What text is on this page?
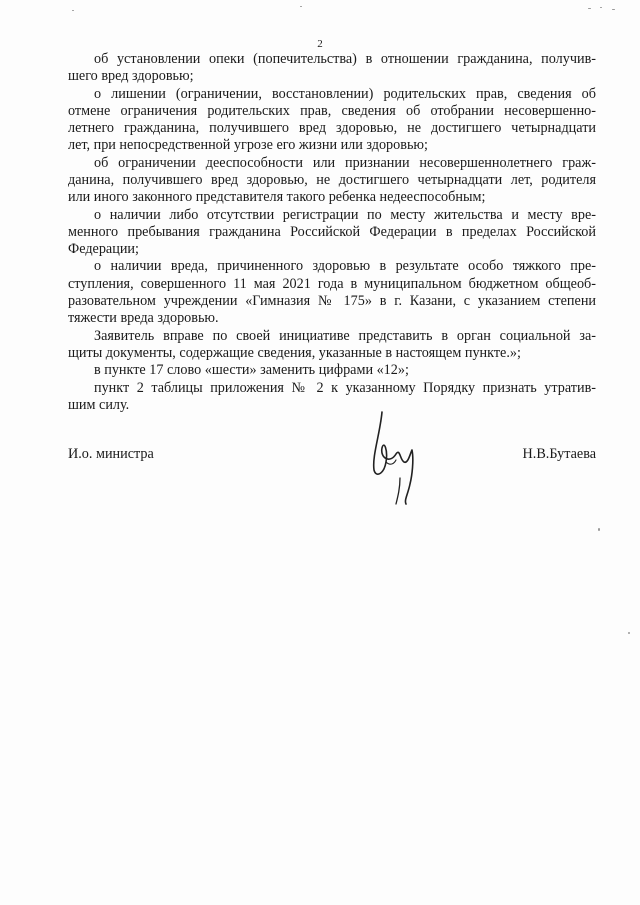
2
об установлении опеки (попечительства) в отношении гражданина, получив-
шего вред здоровью;
о лишении (ограничении, восстановлении) родительских прав, сведения об
отмене ограничения родительских прав, сведения об отобрании несовершенно-
летнего гражданина, получившего вред здоровью, не достигшего четырнадцати
лет, при непосредственной угрозе его жизни или здоровью;
об ограничении дееспособности или признании несовершеннолетнего граж-
данина, получившего вред здоровью, не достигшего четырнадцати лет, родителя
или иного законного представителя такого ребенка недееспособным;
о наличии либо отсутствии регистрации по месту жительства и месту вре-
менного пребывания гражданина Российской Федерации в пределах Российской
Федерации;
о наличии вреда, причиненного здоровью в результате особо тяжкого пре-
ступления, совершенного 11 мая 2021 года в муниципальном бюджетном общеоб-
разовательном учреждении «Гимназия № 175» в г. Казани, с указанием степени
тяжести вреда здоровью.
Заявитель вправе по своей инициативе представить в орган социальной за-
щиты документы, содержащие сведения, указанные в настоящем пункте.»;
в пункте 17 слово «шести» заменить цифрами «12»;
пункт 2 таблицы приложения № 2 к указанному Порядку признать утратив-
шим силу.
И.о. министра	Н.В.Бутаева
